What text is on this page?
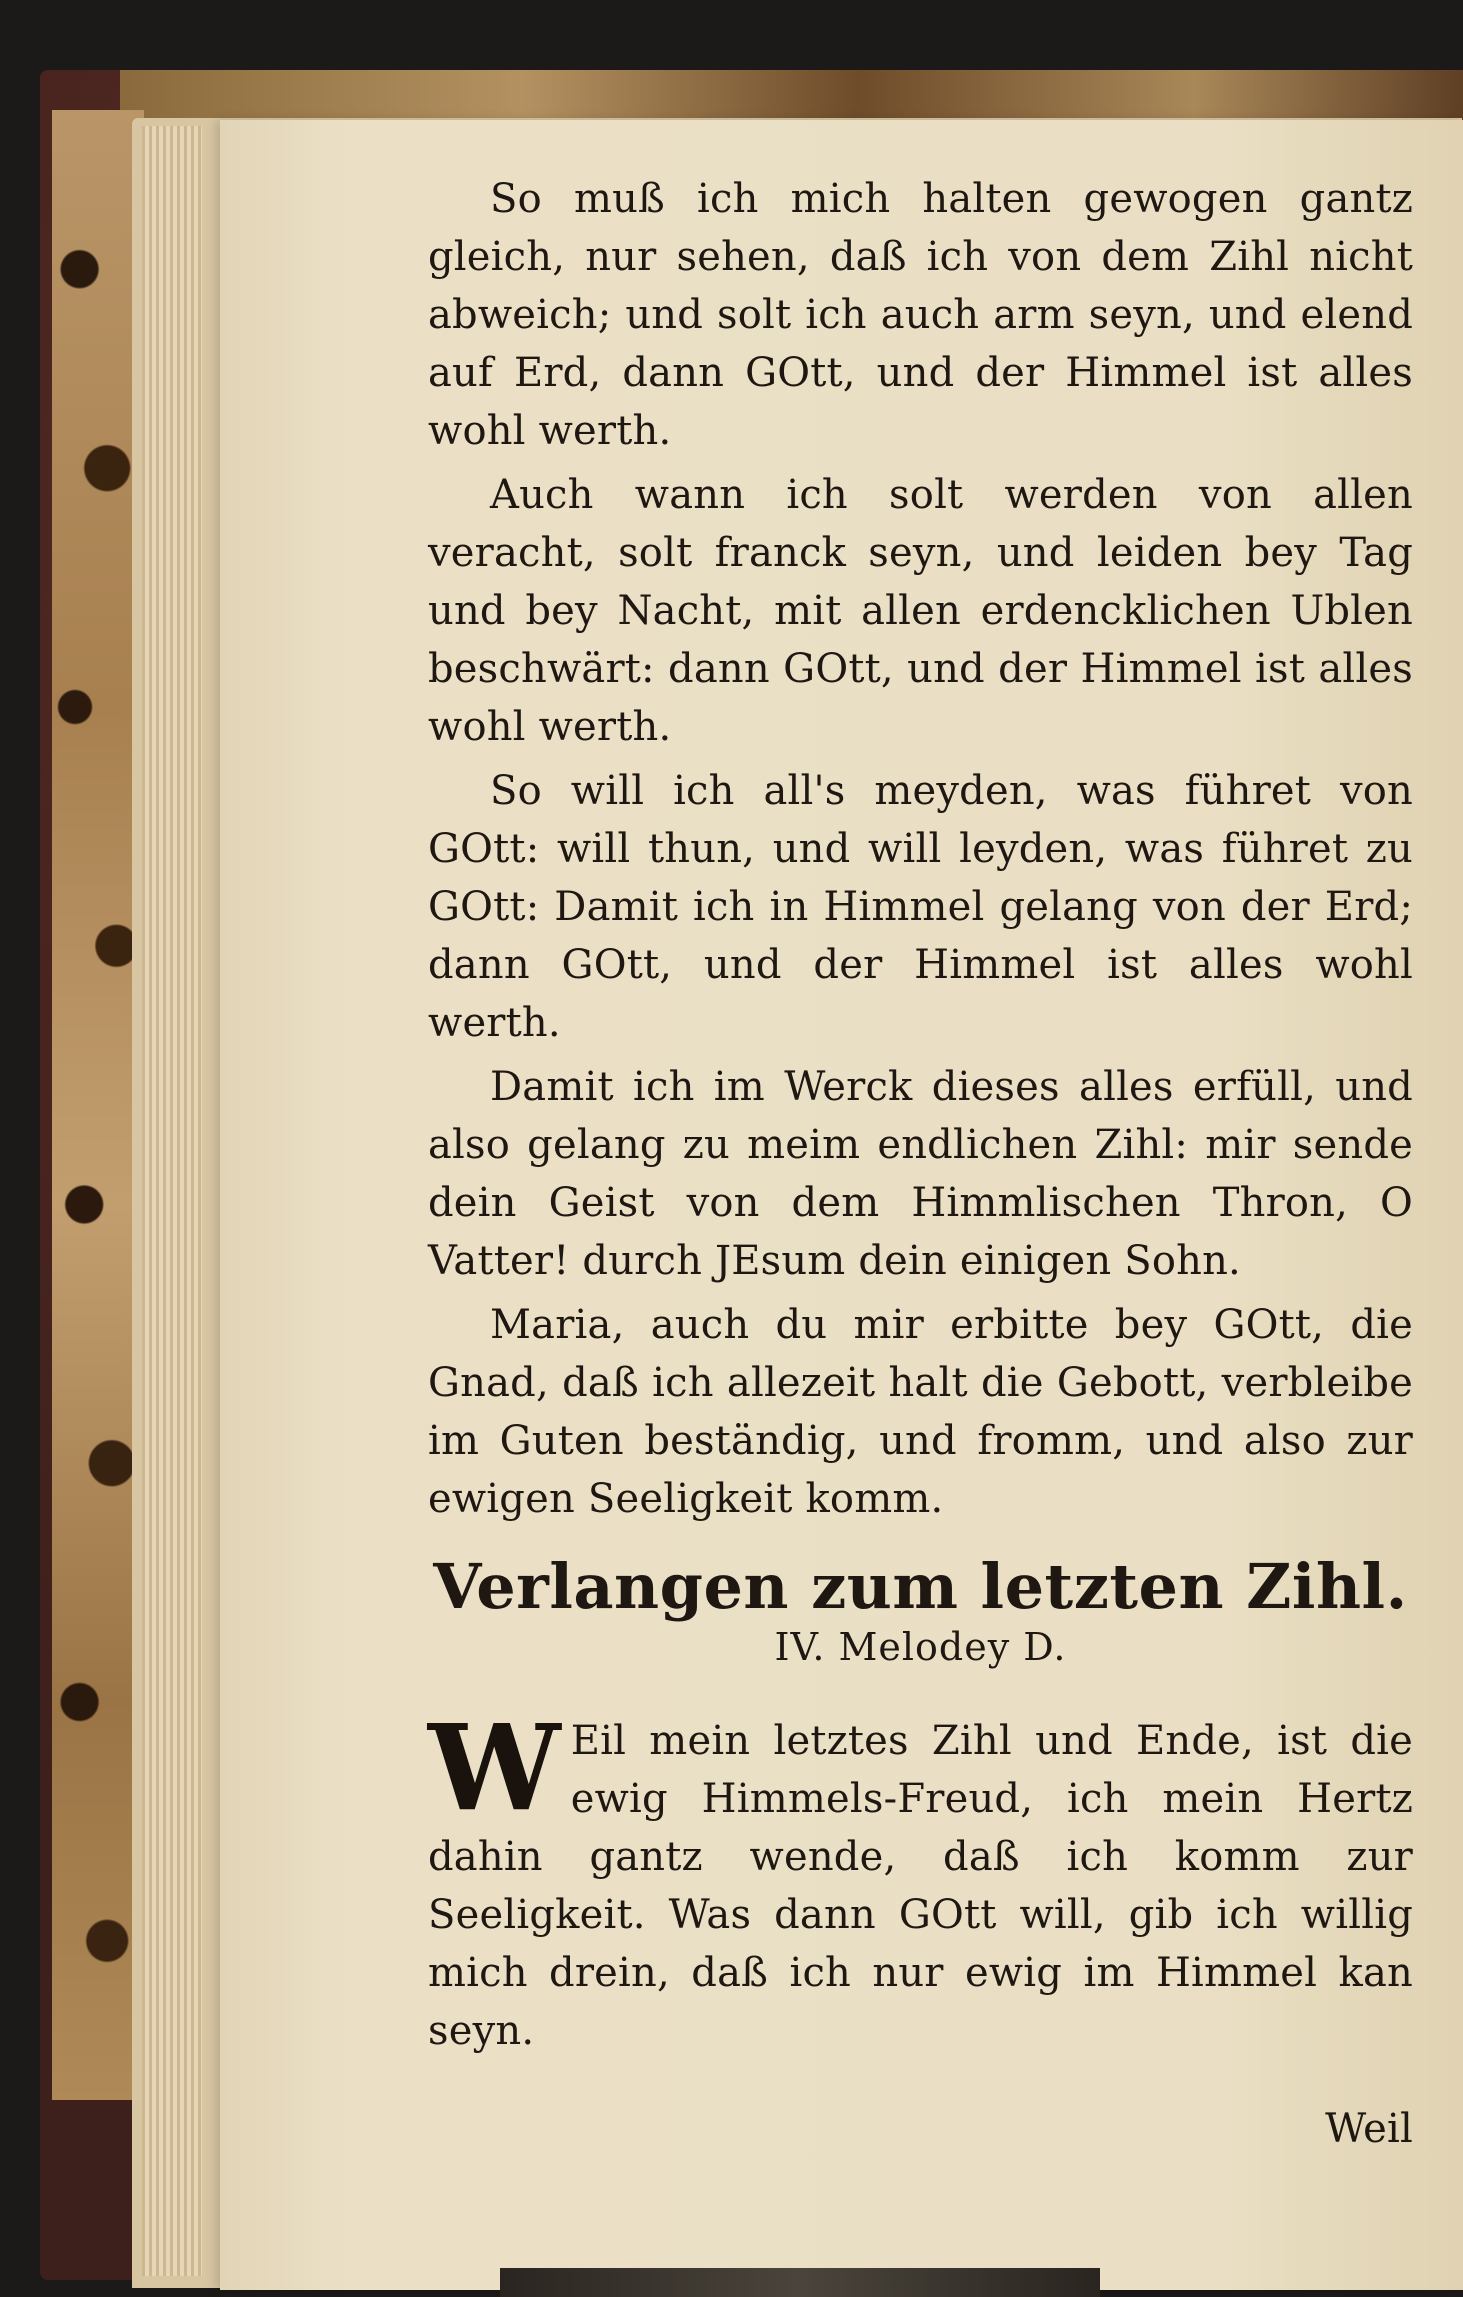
So muß ich mich halten gewogen gantz gleich, nur sehen, daß ich von dem Zihl nicht abweich; und solt ich auch arm seyn, und elend auf Erd, dann GOtt, und der Himmel ist alles wohl werth.

Auch wann ich solt werden von allen veracht, solt franck seyn, und leiden bey Tag und bey Nacht, mit allen erdencklichen Ublen beschwärt: dann GOtt, und der Himmel ist alles wohl werth.

So will ich all's meyden, was führet von GOtt: will thun, und will leyden, was führet zu GOtt: Damit ich in Himmel gelang von der Erd; dann GOtt, und der Himmel ist alles wohl werth.

Damit ich im Werck dieses alles erfüll, und also gelang zu meim endlichen Zihl: mir sende dein Geist von dem Himmlischen Thron, O Vatter! durch JEsum dein einigen Sohn.

Maria, auch du mir erbitte bey GOtt, die Gnad, daß ich allezeit halt die Gebott, verbleibe im Guten beständig, und fromm, und also zur ewigen Seeligkeit komm.

Verlangen zum letzten Zihl.
IV. Melodey D.

W Eil mein letztes Zihl und Ende, ist die ewig Himmels-Freud, ich mein Hertz dahin gantz wende, daß ich komm zur Seeligkeit. Was dann GOtt will, gib ich willig mich drein, daß ich nur ewig im Himmel kan seyn.

Weil
